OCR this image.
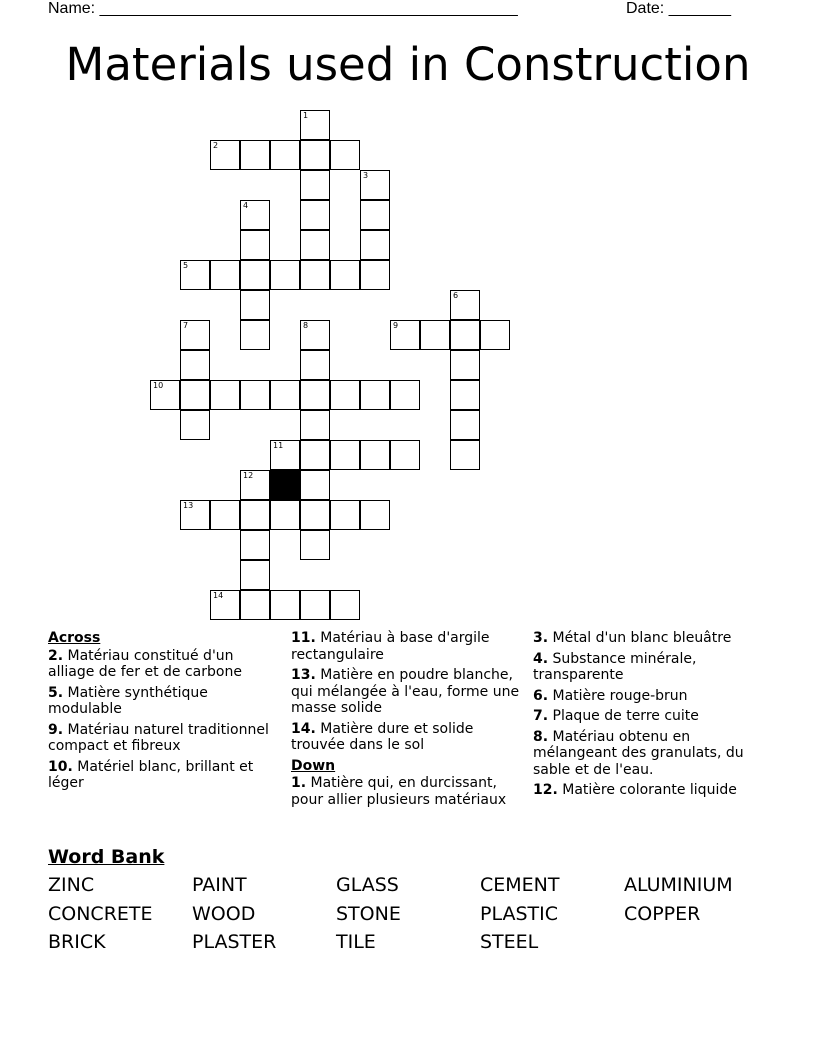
Name: _______________________________________________	Date: _______
Materials used in Construction
1
2
3
4
5
6
7	8	9
10
11
12
13
14
Across
2. Matériau constitué d'un alliage de fer et de carbone
5. Matière synthétique modulable
9. Matériau naturel traditionnel compact et fibreux
10. Matériel blanc, brillant et léger
11. Matériau à base d'argile rectangulaire
13. Matière en poudre blanche, qui mélangée à l'eau, forme une masse solide
14. Matière dure et solide trouvée dans le sol
Down
1. Matière qui, en durcissant, pour allier plusieurs matériaux
3. Métal d'un blanc bleuâtre
4. Substance minérale, transparente
6. Matière rouge-brun
7. Plaque de terre cuite
8. Matériau obtenu en mélangeant des granulats, du sable et de l'eau.
12. Matière colorante liquide
Word Bank
ZINC	PAINT	GLASS	CEMENT	ALUMINIUM
CONCRETE WOOD	STONE	PLASTIC	COPPER
BRICK	PLASTER	TILE	STEEL
